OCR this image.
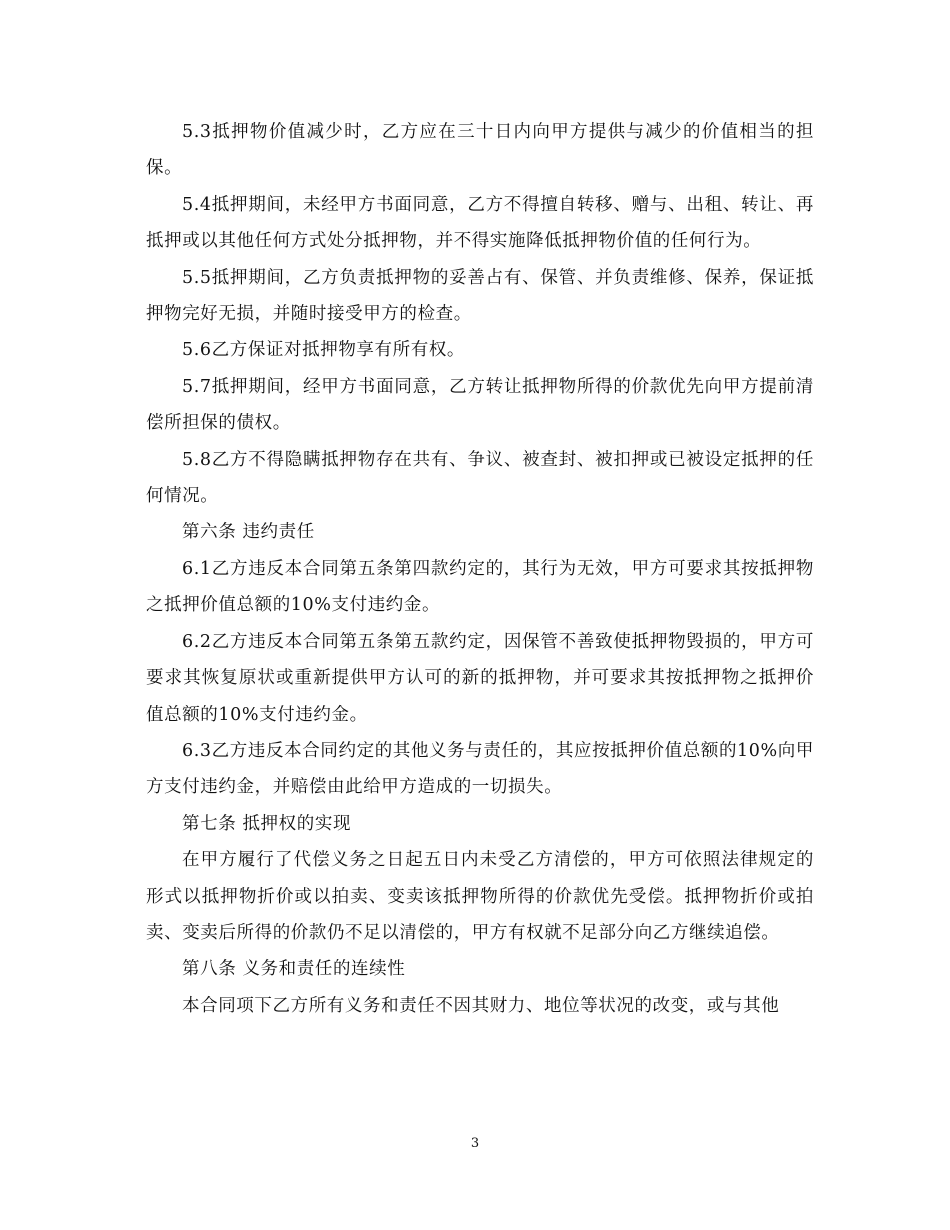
5.3抵押物价值减少时，乙方应在三十日内向甲方提供与减少的价值相当的担保。

5.4抵押期间，未经甲方书面同意，乙方不得擅自转移、赠与、出租、转让、再抵押或以其他任何方式处分抵押物，并不得实施降低抵押物价值的任何行为。

5.5抵押期间，乙方负责抵押物的妥善占有、保管、并负责维修、保养，保证抵押物完好无损，并随时接受甲方的检查。

5.6乙方保证对抵押物享有所有权。

5.7抵押期间，经甲方书面同意，乙方转让抵押物所得的价款优先向甲方提前清偿所担保的债权。

5.8乙方不得隐瞒抵押物存在共有、争议、被查封、被扣押或已被设定抵押的任何情况。

第六条 违约责任

6.1乙方违反本合同第五条第四款约定的，其行为无效，甲方可要求其按抵押物之抵押价值总额的10%支付违约金。

6.2乙方违反本合同第五条第五款约定，因保管不善致使抵押物毁损的，甲方可要求其恢复原状或重新提供甲方认可的新的抵押物，并可要求其按抵押物之抵押价值总额的10%支付违约金。

6.3乙方违反本合同约定的其他义务与责任的，其应按抵押价值总额的10%向甲方支付违约金，并赔偿由此给甲方造成的一切损失。

第七条 抵押权的实现

在甲方履行了代偿义务之日起五日内未受乙方清偿的，甲方可依照法律规定的形式以抵押物折价或以拍卖、变卖该抵押物所得的价款优先受偿。抵押物折价或拍卖、变卖后所得的价款仍不足以清偿的，甲方有权就不足部分向乙方继续追偿。

第八条 义务和责任的连续性

本合同项下乙方所有义务和责任不因其财力、地位等状况的改变，或与其他

3
